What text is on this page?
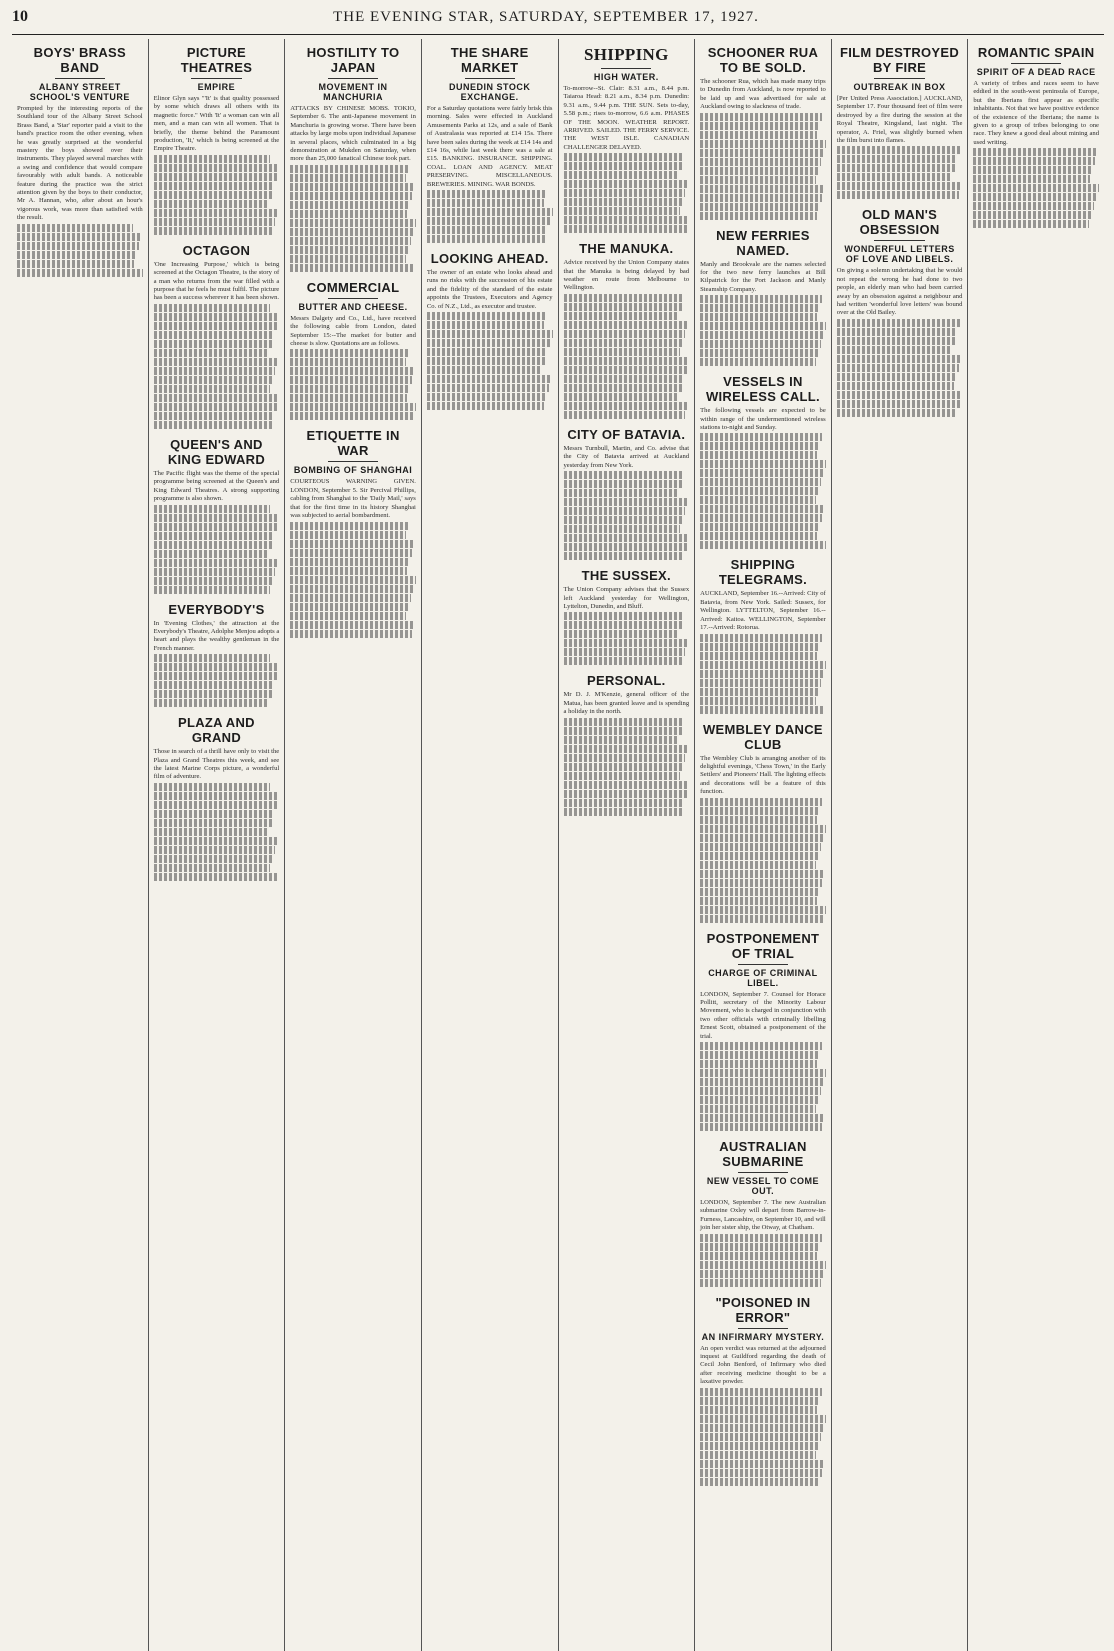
10	THE EVENING STAR, SATURDAY, SEPTEMBER 17, 1927.
BOYS' BRASS BAND
ALBANY STREET SCHOOL'S VENTURE

Prompted by the interesting reports of the Southland tour of the Albany Street School Brass Band, a 'Star' reporter paid a visit to the band's practice room the other evening, when he was greatly surprised at the wonderful mastery the boys showed over their instruments. They played several marches with a swing and confidence that would compare favourably with adult bands. A noticeable feature during the practice was the strict attention given by the boys to their conductor, Mr A. Hannan, who, after about an hour's vigorous work, was more than satisfied with the result.

PICTURE THEATRES
EMPIRE

Elinor Glyn says "'It' is that quality possessed by some which draws all others with its magnetic force." With 'It' a woman can win all men, and a man can win all women. That is briefly, the theme behind the Paramount production, 'It,' which is being screened at the Empire Theatre.

OCTAGON

'One Increasing Purpose,' which is being screened at the Octagon Theatre, is the story of a man who returns from the war filled with a purpose that he feels he must fulfil. The picture has been a success wherever it has been shown.

QUEEN'S AND KING EDWARD

The Pacific flight was the theme of the special programme being screened at the Queen's and King Edward Theatres. A strong supporting programme is also shown.

EVERYBODY'S

In 'Evening Clothes,' the attraction at the Everybody's Theatre, Adolphe Menjou adopts a heart and plays the wealthy gentleman in the French manner.

PLAZA AND GRAND

Those in search of a thrill have only to visit the Plaza and Grand Theatres this week, and see the latest Marine Corps picture, a wonderful film of adventure.

HOSTILITY TO JAPAN
MOVEMENT IN MANCHURIA

ATTACKS BY CHINESE MOBS. TOKIO, September 6. The anti-Japanese movement in Manchuria is growing worse. There have been attacks by large mobs upon individual Japanese in several places, which culminated in a big demonstration at Mukden on Saturday, when more than 25,000 fanatical Chinese took part.

COMMERCIAL
BUTTER AND CHEESE.

Messrs Dalgety and Co., Ltd., have received the following cable from London, dated September 15:--The market for butter and cheese is slow. Quotations are as follows.

ETIQUETTE IN WAR
BOMBING OF SHANGHAI

COURTEOUS WARNING GIVEN. LONDON, September 5. Sir Percival Phillips, cabling from Shanghai to the 'Daily Mail,' says that for the first time in its history Shanghai was subjected to aerial bombardment.

THE SHARE MARKET
DUNEDIN STOCK EXCHANGE.

For a Saturday quotations were fairly brisk this morning. Sales were effected in Auckland Amusements Parks at 12s, and a sale of Bank of Australasia was reported at £14 15s. There have been sales during the week at £14 14s and £14 16s, while last week there was a sale at £15. BANKING. INSURANCE. SHIPPING. COAL. LOAN AND AGENCY. MEAT PRESERVING. MISCELLANEOUS. BREWERIES. MINING. WAR BONDS.

LOOKING AHEAD.

The owner of an estate who looks ahead and runs no risks with the succession of his estate and the fidelity of the standard of the estate appoints the Trustees, Executors and Agency Co. of N.Z., Ltd., as executor and trustee.

SHIPPING
HIGH WATER.

To-morrow--St. Clair: 8.31 a.m., 8.44 p.m. Taiaroa Head: 8.21 a.m., 8.34 p.m. Dunedin: 9.31 a.m., 9.44 p.m. THE SUN. Sets to-day, 5.58 p.m.; rises to-morrow, 6.6 a.m. PHASES OF THE MOON. WEATHER REPORT. ARRIVED. SAILED. THE FERRY SERVICE. THE WEST ISLE. CANADIAN CHALLENGER DELAYED.

THE MANUKA.

Advice received by the Union Company states that the Manuka is being delayed by bad weather en route from Melbourne to Wellington.

CITY OF BATAVIA.

Messrs Turnbull, Martin, and Co. advise that the City of Batavia arrived at Auckland yesterday from New York.

THE SUSSEX.

The Union Company advises that the Sussex left Auckland yesterday for Wellington, Lyttelton, Dunedin, and Bluff.

PERSONAL.

Mr D. J. M'Kenzie, general officer of the Matua, has been granted leave and is spending a holiday in the north.

SCHOONER RUA TO BE SOLD.

The schooner Rua, which has made many trips to Dunedin from Auckland, is now reported to be laid up and was advertised for sale at Auckland owing to slackness of trade.

NEW FERRIES NAMED.

Manly and Brookvale are the names selected for the two new ferry launches at Bill Kilpatrick for the Port Jackson and Manly Steamship Company.

VESSELS IN WIRELESS CALL.

The following vessels are expected to be within range of the undermentioned wireless stations to-night and Sunday.

SHIPPING TELEGRAMS.

AUCKLAND, September 16.--Arrived: City of Batavia, from New York. Sailed: Sussex, for Wellington. LYTTELTON, September 16.--Arrived: Kaitoa. WELLINGTON, September 17.--Arrived: Rotorua.

WEMBLEY DANCE CLUB

The Wembley Club is arranging another of its delightful evenings, 'Chess Town,' in the Early Settlers' and Pioneers' Hall. The lighting effects and decorations will be a feature of this function.

POSTPONEMENT OF TRIAL
CHARGE OF CRIMINAL LIBEL.

LONDON, September 7. Counsel for Horace Pollitt, secretary of the Minority Labour Movement, who is charged in conjunction with two other officials with criminally libelling Ernest Scott, obtained a postponement of the trial.

AUSTRALIAN SUBMARINE
NEW VESSEL TO COME OUT.

LONDON, September 7. The new Australian submarine Oxley will depart from Barrow-in-Furness, Lancashire, on September 10, and will join her sister ship, the Otway, at Chatham.

"POISONED IN ERROR"
AN INFIRMARY MYSTERY.

An open verdict was returned at the adjourned inquest at Guildford regarding the death of Cecil John Benford, of Infirmary who died after receiving medicine thought to be a laxative powder.

FILM DESTROYED BY FIRE
OUTBREAK IN BOX

[Per United Press Association.] AUCKLAND, September 17. Four thousand feet of film were destroyed by a fire during the session at the Royal Theatre, Kingsland, last night. The operator, A. Friel, was slightly burned when the film burst into flames.

OLD MAN'S OBSESSION
WONDERFUL LETTERS OF LOVE AND LIBELS.

On giving a solemn undertaking that he would not repeat the wrong he had done to two people, an elderly man who had been carried away by an obsession against a neighbour and had written 'wonderful love letters' was bound over at the Old Bailey.

ROMANTIC SPAIN
SPIRIT OF A DEAD RACE

A variety of tribes and races seem to have eddied in the south-west peninsula of Europe, but the Iberians first appear as specific inhabitants. Not that we have positive evidence of the existence of the Iberians; the name is given to a group of tribes belonging to one race. They knew a good deal about mining and used writing.
